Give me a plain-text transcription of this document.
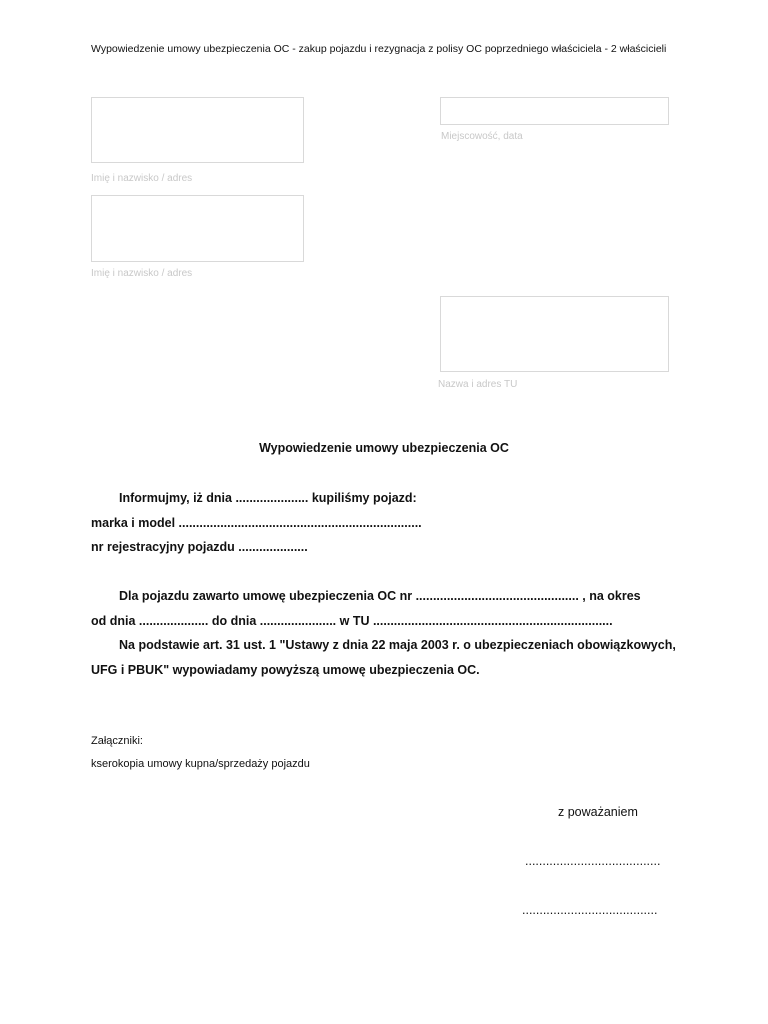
Wypowiedzenie umowy ubezpieczenia OC - zakup pojazdu i rezygnacja z polisy OC poprzedniego właściciela - 2 właścicieli
Imię i nazwisko / adres
Miejscowość, data
Imię i nazwisko / adres
Nazwa i adres TU
Wypowiedzenie umowy ubezpieczenia OC
Informujmy, iż dnia ..................... kupiliśmy pojazd:
marka i model ......................................................................
nr rejestracyjny pojazdu ....................
Dla pojazdu zawarto umowę ubezpieczenia OC nr ............................................... , na okres
od dnia .................... do dnia ...................... w TU .....................................................................
Na podstawie art. 31 ust. 1 "Ustawy z dnia 22 maja 2003 r. o ubezpieczeniach obowiązkowych,
UFG i PBUK" wypowiadamy powyższą umowę ubezpieczenia OC.
Załączniki:
kserokopia umowy kupna/sprzedaży pojazdu
z poważaniem
.......................................
.......................................
